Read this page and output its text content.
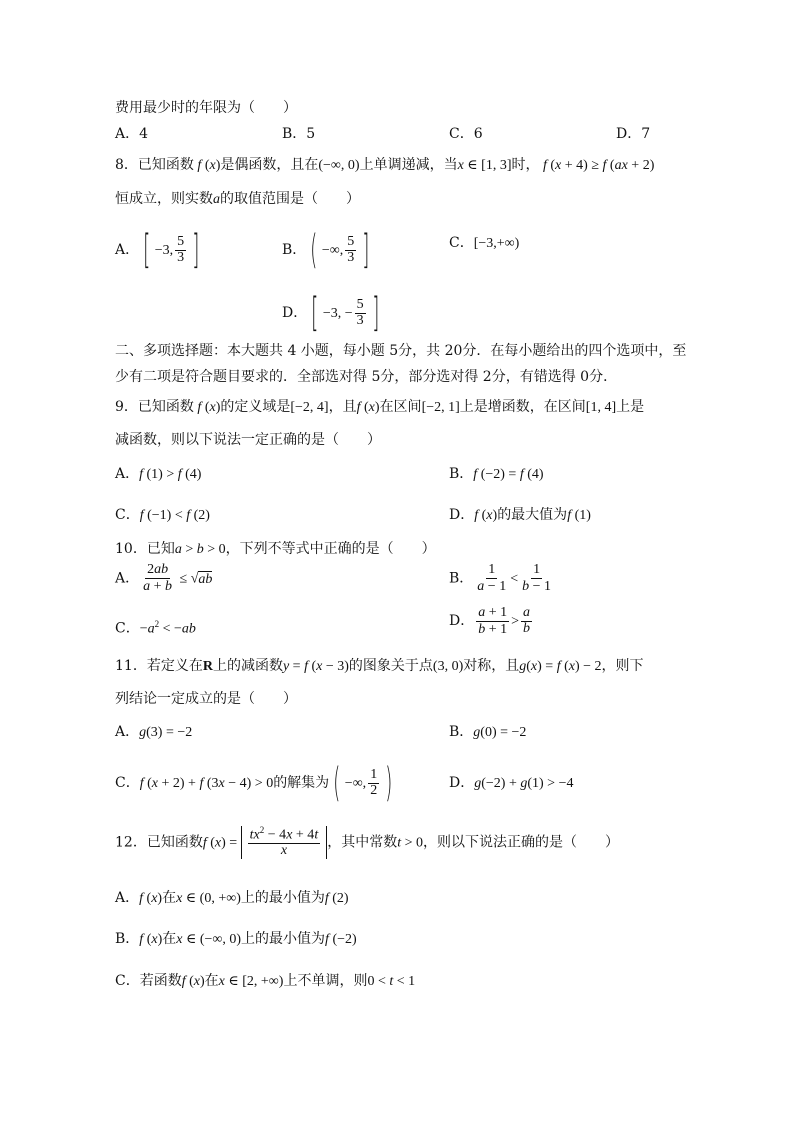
费用最少时的年限为（　　）
A．4	B．5	C．6	D．7
8．已知函数 f (x)是偶函数，且在(−∞, 0)上单调递减，当x ∈ [1, 3]时， f (x + 4) ≥ f (ax + 2)
恒成立，则实数a的取值范围是（　　）
A． [ −3, $\frac{5}{3}$ ]	B． ( −∞, $\frac{5}{3}$ ]	C．[−3,+∞)
D． [ −3, − $\frac{5}{3}$ ]
二、多项选择题：本大题共 4 小题，每小题 5分，共 20分．在每小题给出的四个选项中，至
少有二项是符合题目要求的．全部选对得 5分，部分选对得 2分，有错选得 0分．
9．已知函数 f (x)的定义域是[−2, 4]，且f (x)在区间[−2, 1]上是增函数，在区间[1, 4]上是
减函数，则以下说法一定正确的是（　　）
A．f (1) > f (4)	B．f (−2) = f (4)
C．f (−1) < f (2)	D．f (x)的最大值为f (1)
10．已知a > b > 0，下列不等式中正确的是（　　）
A． $\frac{2ab}{a + b} \le √ab$	B． $\frac{1}{a - 1} < \frac{1}{b - 1}$
C．$-a^2 < -ab$	D． $\frac{a + 1}{b + 1} > \frac{a}{b}$
11．若定义在R上的减函数y = f (x − 3)的图象关于点(3, 0)对称，且g(x) = f (x) − 2，则下
列结论一定成立的是（　　）
A．g(3) = −2	B．g(0) = −2
C．f (x + 2) + f (3x − 4) > 0的解集为 ( −∞, $\frac{1}{2}$ )	D．g(−2) + g(1) > −4
12．已知函数f $(x) = \frac{tx^2 - 4x + 4t}{x}$ ，其中常数t > 0，则以下说法正确的是（　　）
A．f (x)在x ∈ (0, +∞)上的最小值为f (2)
B．f (x)在x ∈ (−∞, 0)上的最小值为f (−2)
C．若函数f (x)在x ∈ [2, +∞)上不单调，则0 < t < 1
